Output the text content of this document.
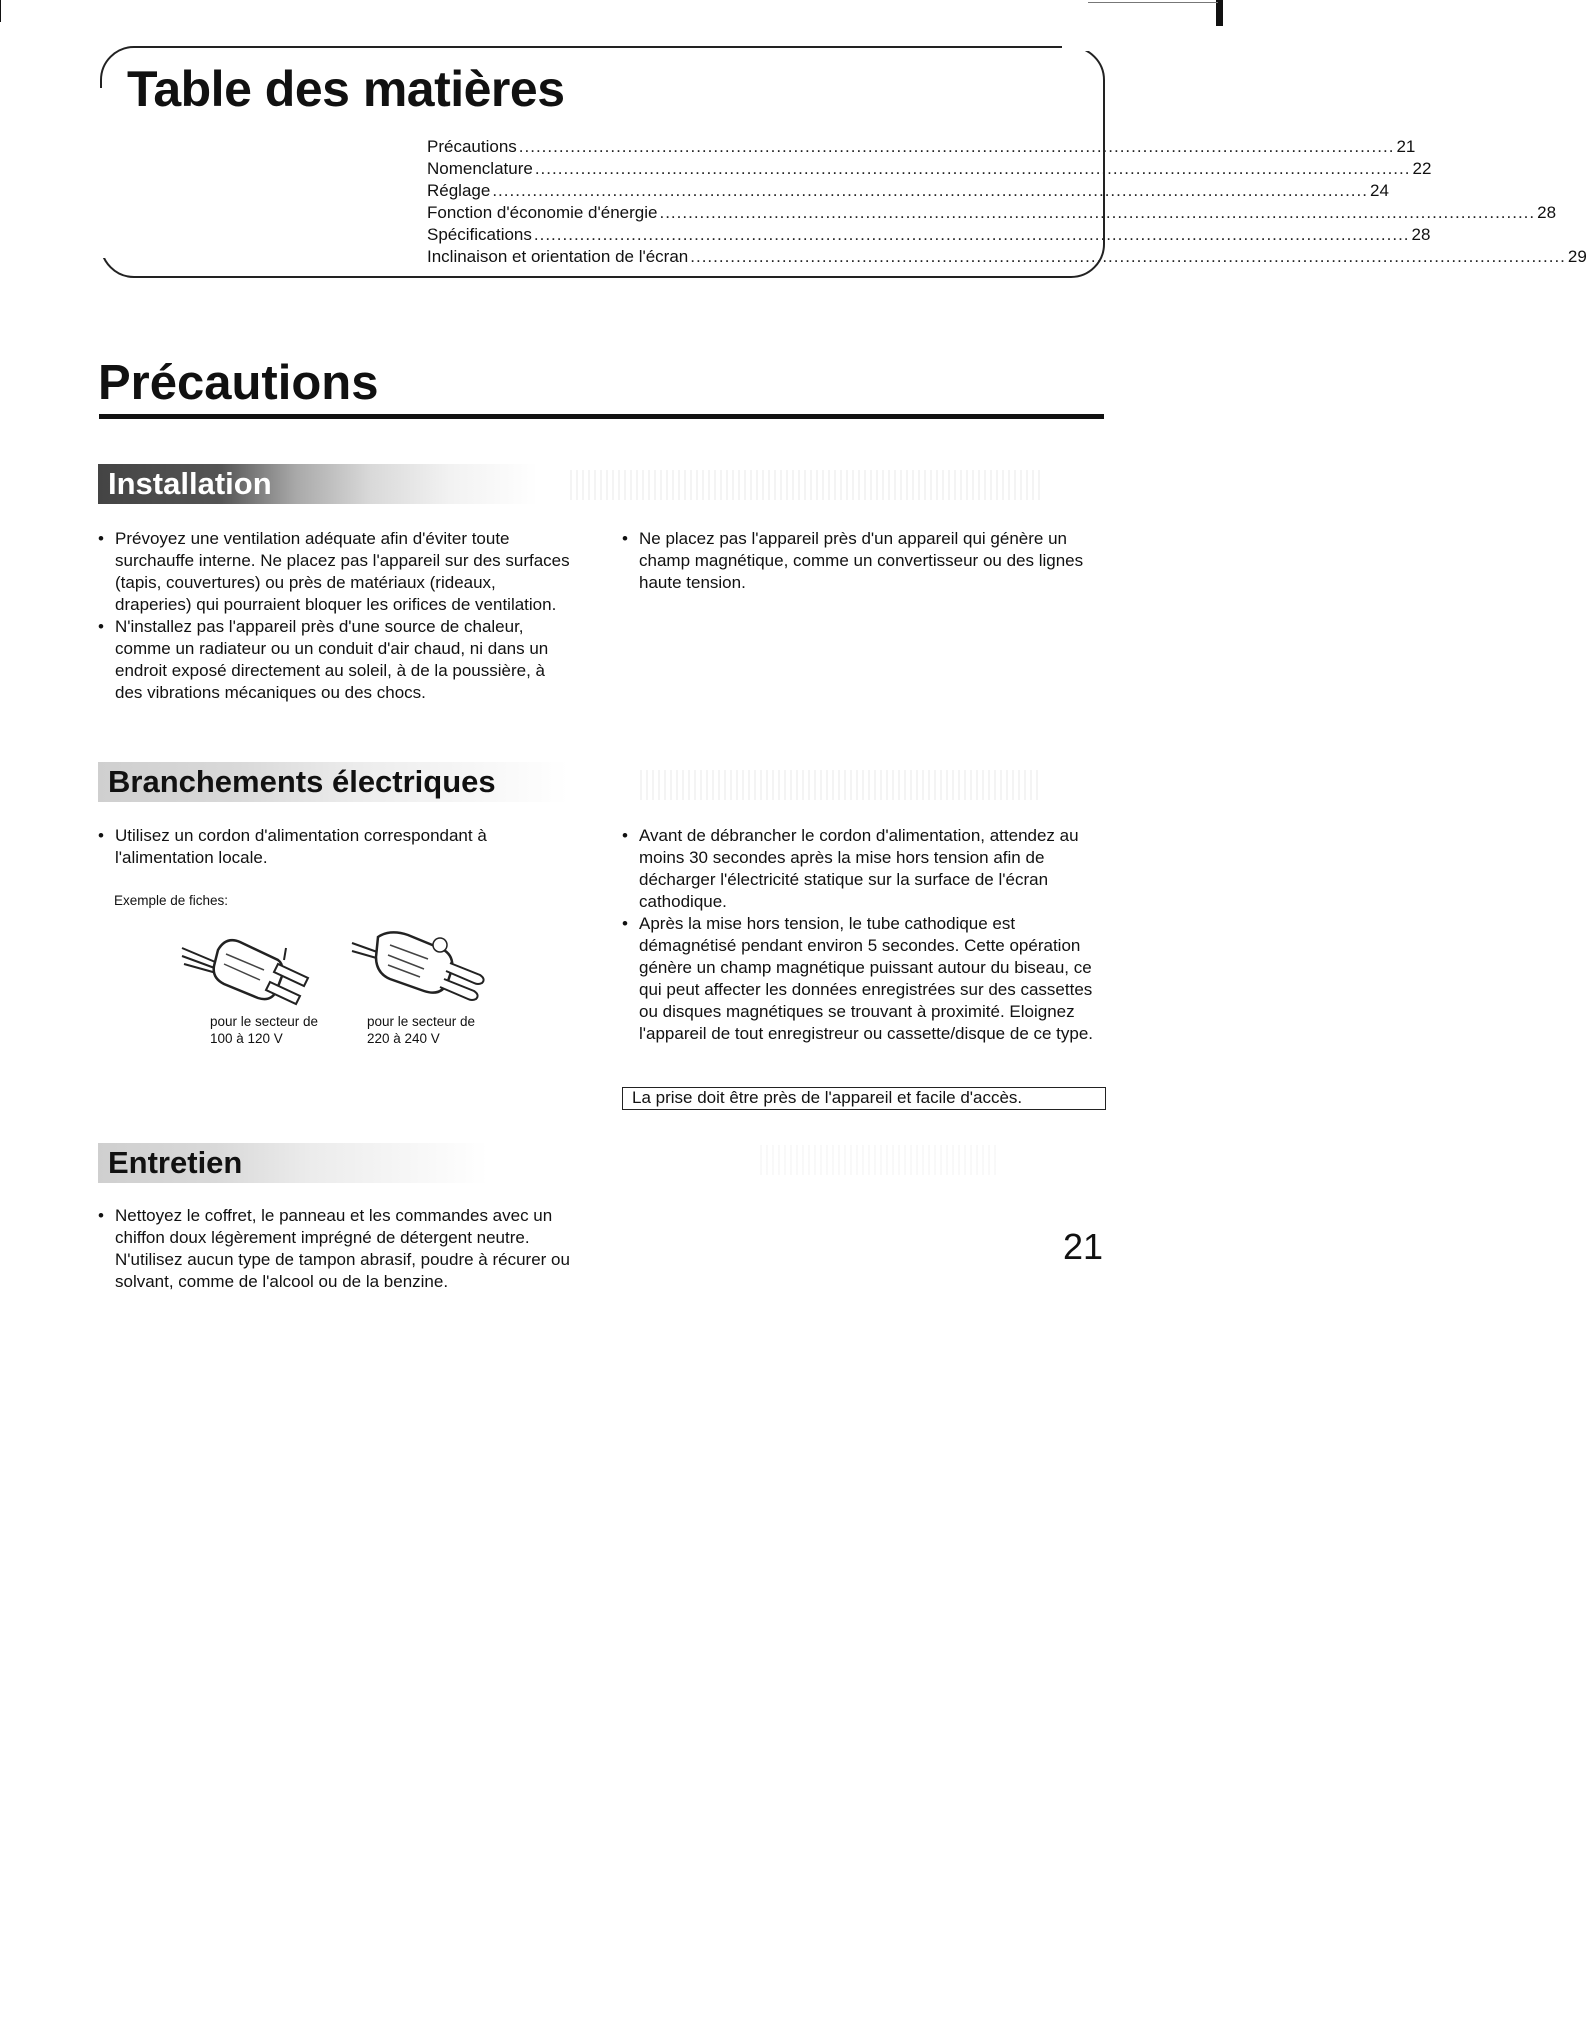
Table des matières
Précautions ......................................................................................................................................................... 21
Nomenclature ......................................................................................................................................................... 22
Réglage ......................................................................................................................................................... 24
Fonction d'économie d'énergie ......................................................................................................................................................... 28
Spécifications ......................................................................................................................................................... 28
Inclinaison et orientation de l'écran ......................................................................................................................................................... 29
Précautions
Installation
• Prévoyez une ventilation adéquate afin d'éviter toute surchauffe interne. Ne placez pas l'appareil sur des surfaces (tapis, couvertures) ou près de matériaux (rideaux, draperies) qui pourraient bloquer les orifices de ventilation.
• N'installez pas l'appareil près d'une source de chaleur, comme un radiateur ou un conduit d'air chaud, ni dans un endroit exposé directement au soleil, à de la poussière, à des vibrations mécaniques ou des chocs.
• Ne placez pas l'appareil près d'un appareil qui génère un champ magnétique, comme un convertisseur ou des lignes haute tension.
Branchements électriques
• Utilisez un cordon d'alimentation correspondant à l'alimentation locale.
Exemple de fiches:
pour le secteur de 100 à 120 V
pour le secteur de 220 à 240 V
• Avant de débrancher le cordon d'alimentation, attendez au moins 30 secondes après la mise hors tension afin de décharger l'électricité statique sur la surface de l'écran cathodique.
• Après la mise hors tension, le tube cathodique est démagnétisé pendant environ 5 secondes. Cette opération génère un champ magnétique puissant autour du biseau, ce qui peut affecter les données enregistrées sur des cassettes ou disques magnétiques se trouvant à proximité. Eloignez l'appareil de tout enregistreur ou cassette/disque de ce type.
La prise doit être près de l'appareil et facile d'accès.
Entretien
• Nettoyez le coffret, le panneau et les commandes avec un chiffon doux légèrement imprégné de détergent neutre. N'utilisez aucun type de tampon abrasif, poudre à récurer ou solvant, comme de l'alcool ou de la benzine.
21
